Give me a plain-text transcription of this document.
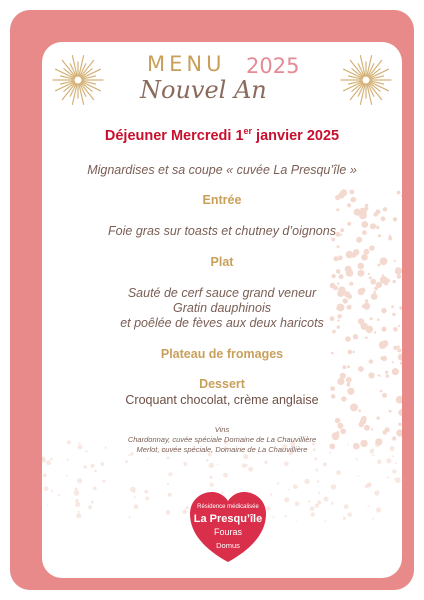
MENU 2025
Nouvel An
Déjeuner Mercredi 1er janvier 2025
Mignardises et sa coupe « cuvée La Presqu’île »
Entrée
Foie gras sur toasts et chutney d’oignons
Plat
Sauté de cerf sauce grand veneur
Gratin dauphinois
et poêlée de fèves aux deux haricots
Plateau de fromages
Dessert
Croquant chocolat, crème anglaise
Vins
Chardonnay, cuvée spéciale Domaine de La Chauvillière
Merlot, cuvée spéciale, Domaine de La Chauvillière
Résidence médicalisée
La Presqu’île
Fouras
Domus
